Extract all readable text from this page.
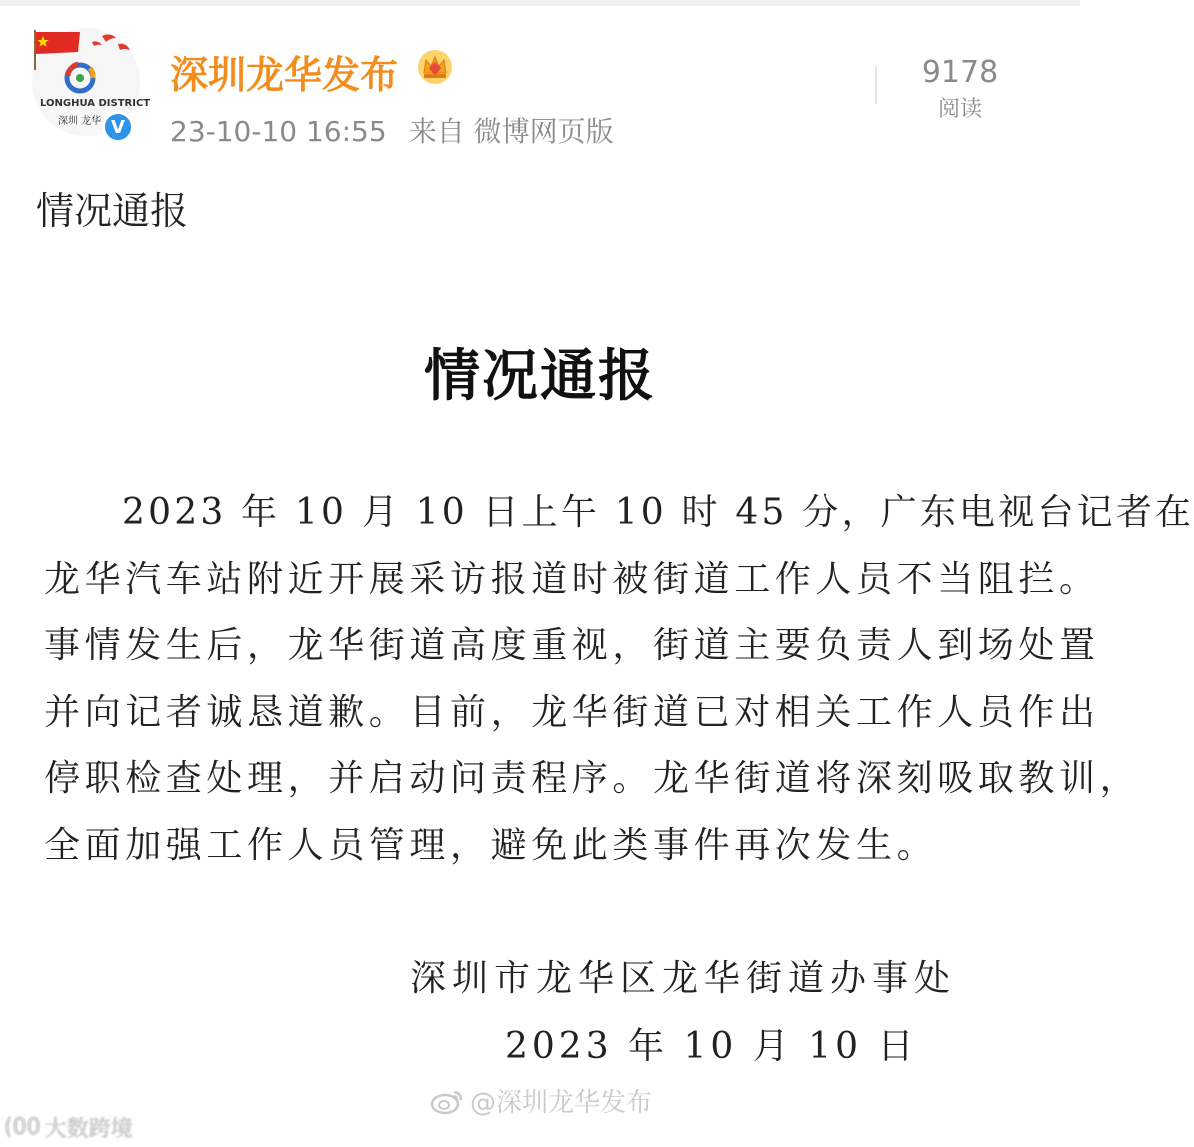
LONGHUA DISTRICT
深圳 龙华 V
深圳龙华发布
23-10-10 16:55 来自 微博网页版
9178
阅读
情况通报
情况通报
2023 年 10 月 10 日上午 10 时 45 分，广东电视台记者在
龙华汽车站附近开展采访报道时被街道工作人员不当阻拦。
事情发生后，龙华街道高度重视，街道主要负责人到场处置
并向记者诚恳道歉。目前，龙华街道已对相关工作人员作出
停职检查处理，并启动问责程序。龙华街道将深刻吸取教训，
全面加强工作人员管理，避免此类事件再次发生。
深圳市龙华区龙华街道办事处
2023 年 10 月 10 日
@深圳龙华发布
(00 大数跨境
